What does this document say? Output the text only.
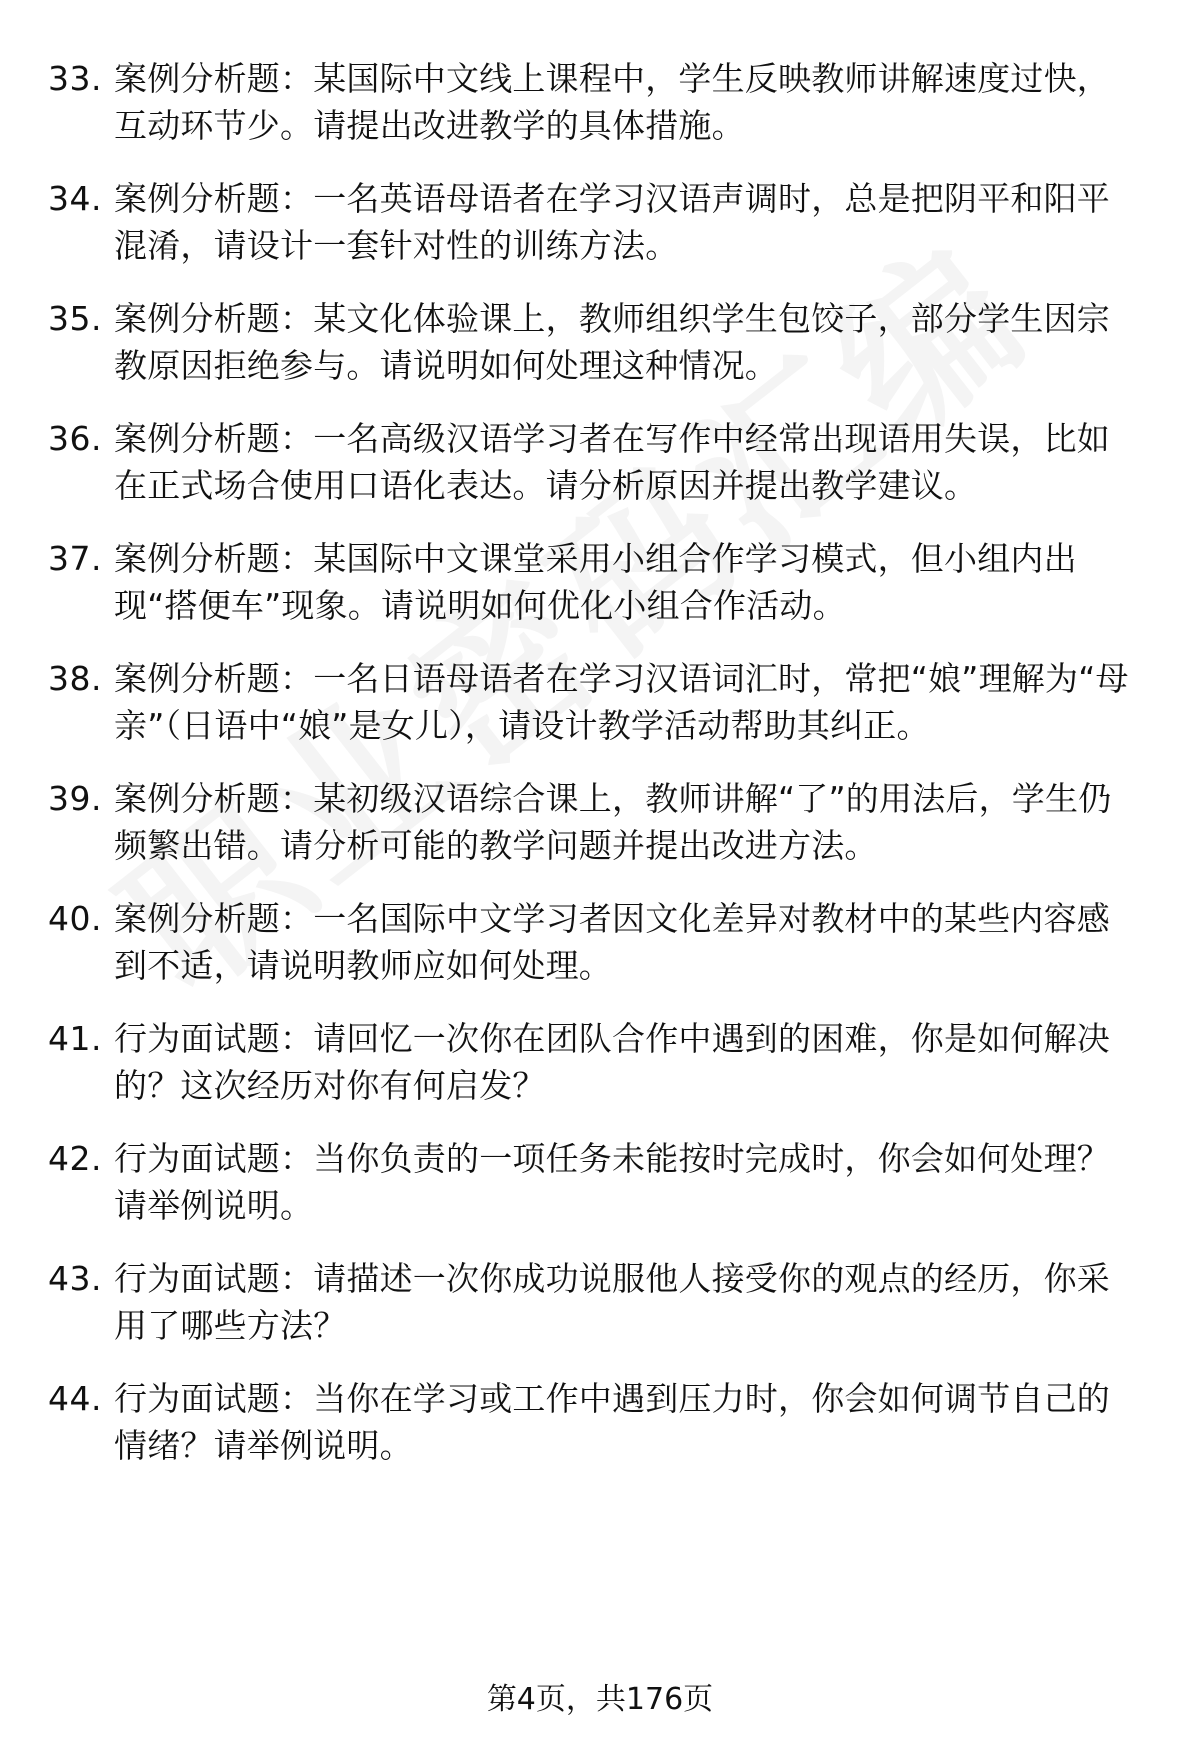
33. 案例分析题：某国际中文线上课程中，学生反映教师讲解速度过快，互动环节少。请提出改进教学的具体措施。
34. 案例分析题：一名英语母语者在学习汉语声调时，总是把阴平和阳平混淆，请设计一套针对性的训练方法。
35. 案例分析题：某文化体验课上，教师组织学生包饺子，部分学生因宗教原因拒绝参与。请说明如何处理这种情况。
36. 案例分析题：一名高级汉语学习者在写作中经常出现语用失误，比如在正式场合使用口语化表达。请分析原因并提出教学建议。
37. 案例分析题：某国际中文课堂采用小组合作学习模式，但小组内出现“搭便车”现象。请说明如何优化小组合作活动。
38. 案例分析题：一名日语母语者在学习汉语词汇时，常把“娘”理解为“母亲”（日语中“娘”是女儿），请设计教学活动帮助其纠正。
39. 案例分析题：某初级汉语综合课上，教师讲解“了”的用法后，学生仍频繁出错。请分析可能的教学问题并提出改进方法。
40. 案例分析题：一名国际中文学习者因文化差异对教材中的某些内容感到不适，请说明教师应如何处理。
41. 行为面试题：请回忆一次你在团队合作中遇到的困难，你是如何解决的？这次经历对你有何启发？
42. 行为面试题：当你负责的一项任务未能按时完成时，你会如何处理？请举例说明。
43. 行为面试题：请描述一次你成功说服他人接受你的观点的经历，你采用了哪些方法？
44. 行为面试题：当你在学习或工作中遇到压力时，你会如何调节自己的情绪？请举例说明。
第4页，共176页
